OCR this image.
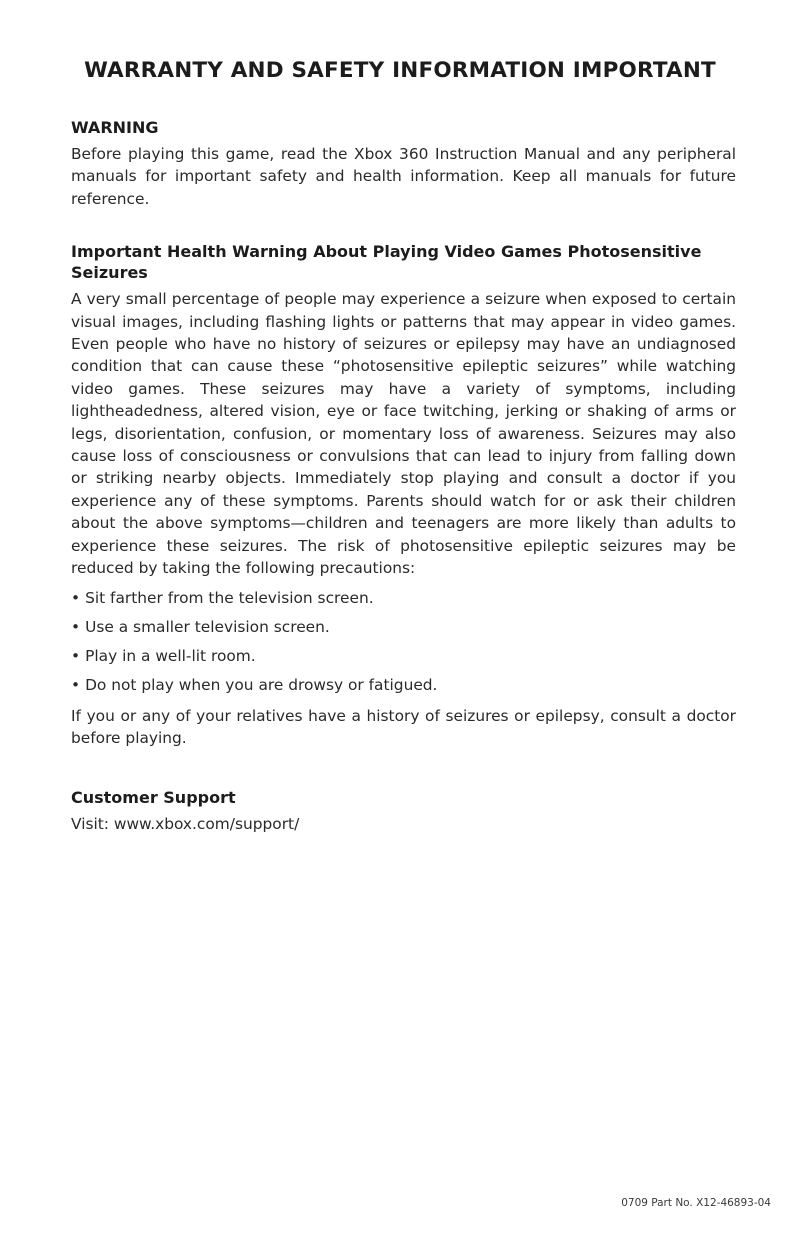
WARRANTY AND SAFETY INFORMATION IMPORTANT
WARNING

Before playing this game, read the Xbox 360 Instruction Manual and any peripheral manuals for important safety and health information. Keep all manuals for future reference.

Important Health Warning About Playing Video Games Photosensitive Seizures

A very small percentage of people may experience a seizure when exposed to certain visual images, including flashing lights or patterns that may appear in video games. Even people who have no history of seizures or epilepsy may have an undiagnosed condition that can cause these “photosensitive epileptic seizures” while watching video games. These seizures may have a variety of symptoms, including lightheadedness, altered vision, eye or face twitching, jerking or shaking of arms or legs, disorientation, confusion, or momentary loss of awareness. Seizures may also cause loss of consciousness or convulsions that can lead to injury from falling down or striking nearby objects. Immediately stop playing and consult a doctor if you experience any of these symptoms. Parents should watch for or ask their children about the above symptoms—children and teenagers are more likely than adults to experience these seizures. The risk of photosensitive epileptic seizures may be reduced by taking the following precautions:

• Sit farther from the television screen.
• Use a smaller television screen.
• Play in a well-lit room.
• Do not play when you are drowsy or fatigued.

If you or any of your relatives have a history of seizures or epilepsy, consult a doctor before playing.

Customer Support

Visit: www.xbox.com/support/

0709 Part No. X12-46893-04
